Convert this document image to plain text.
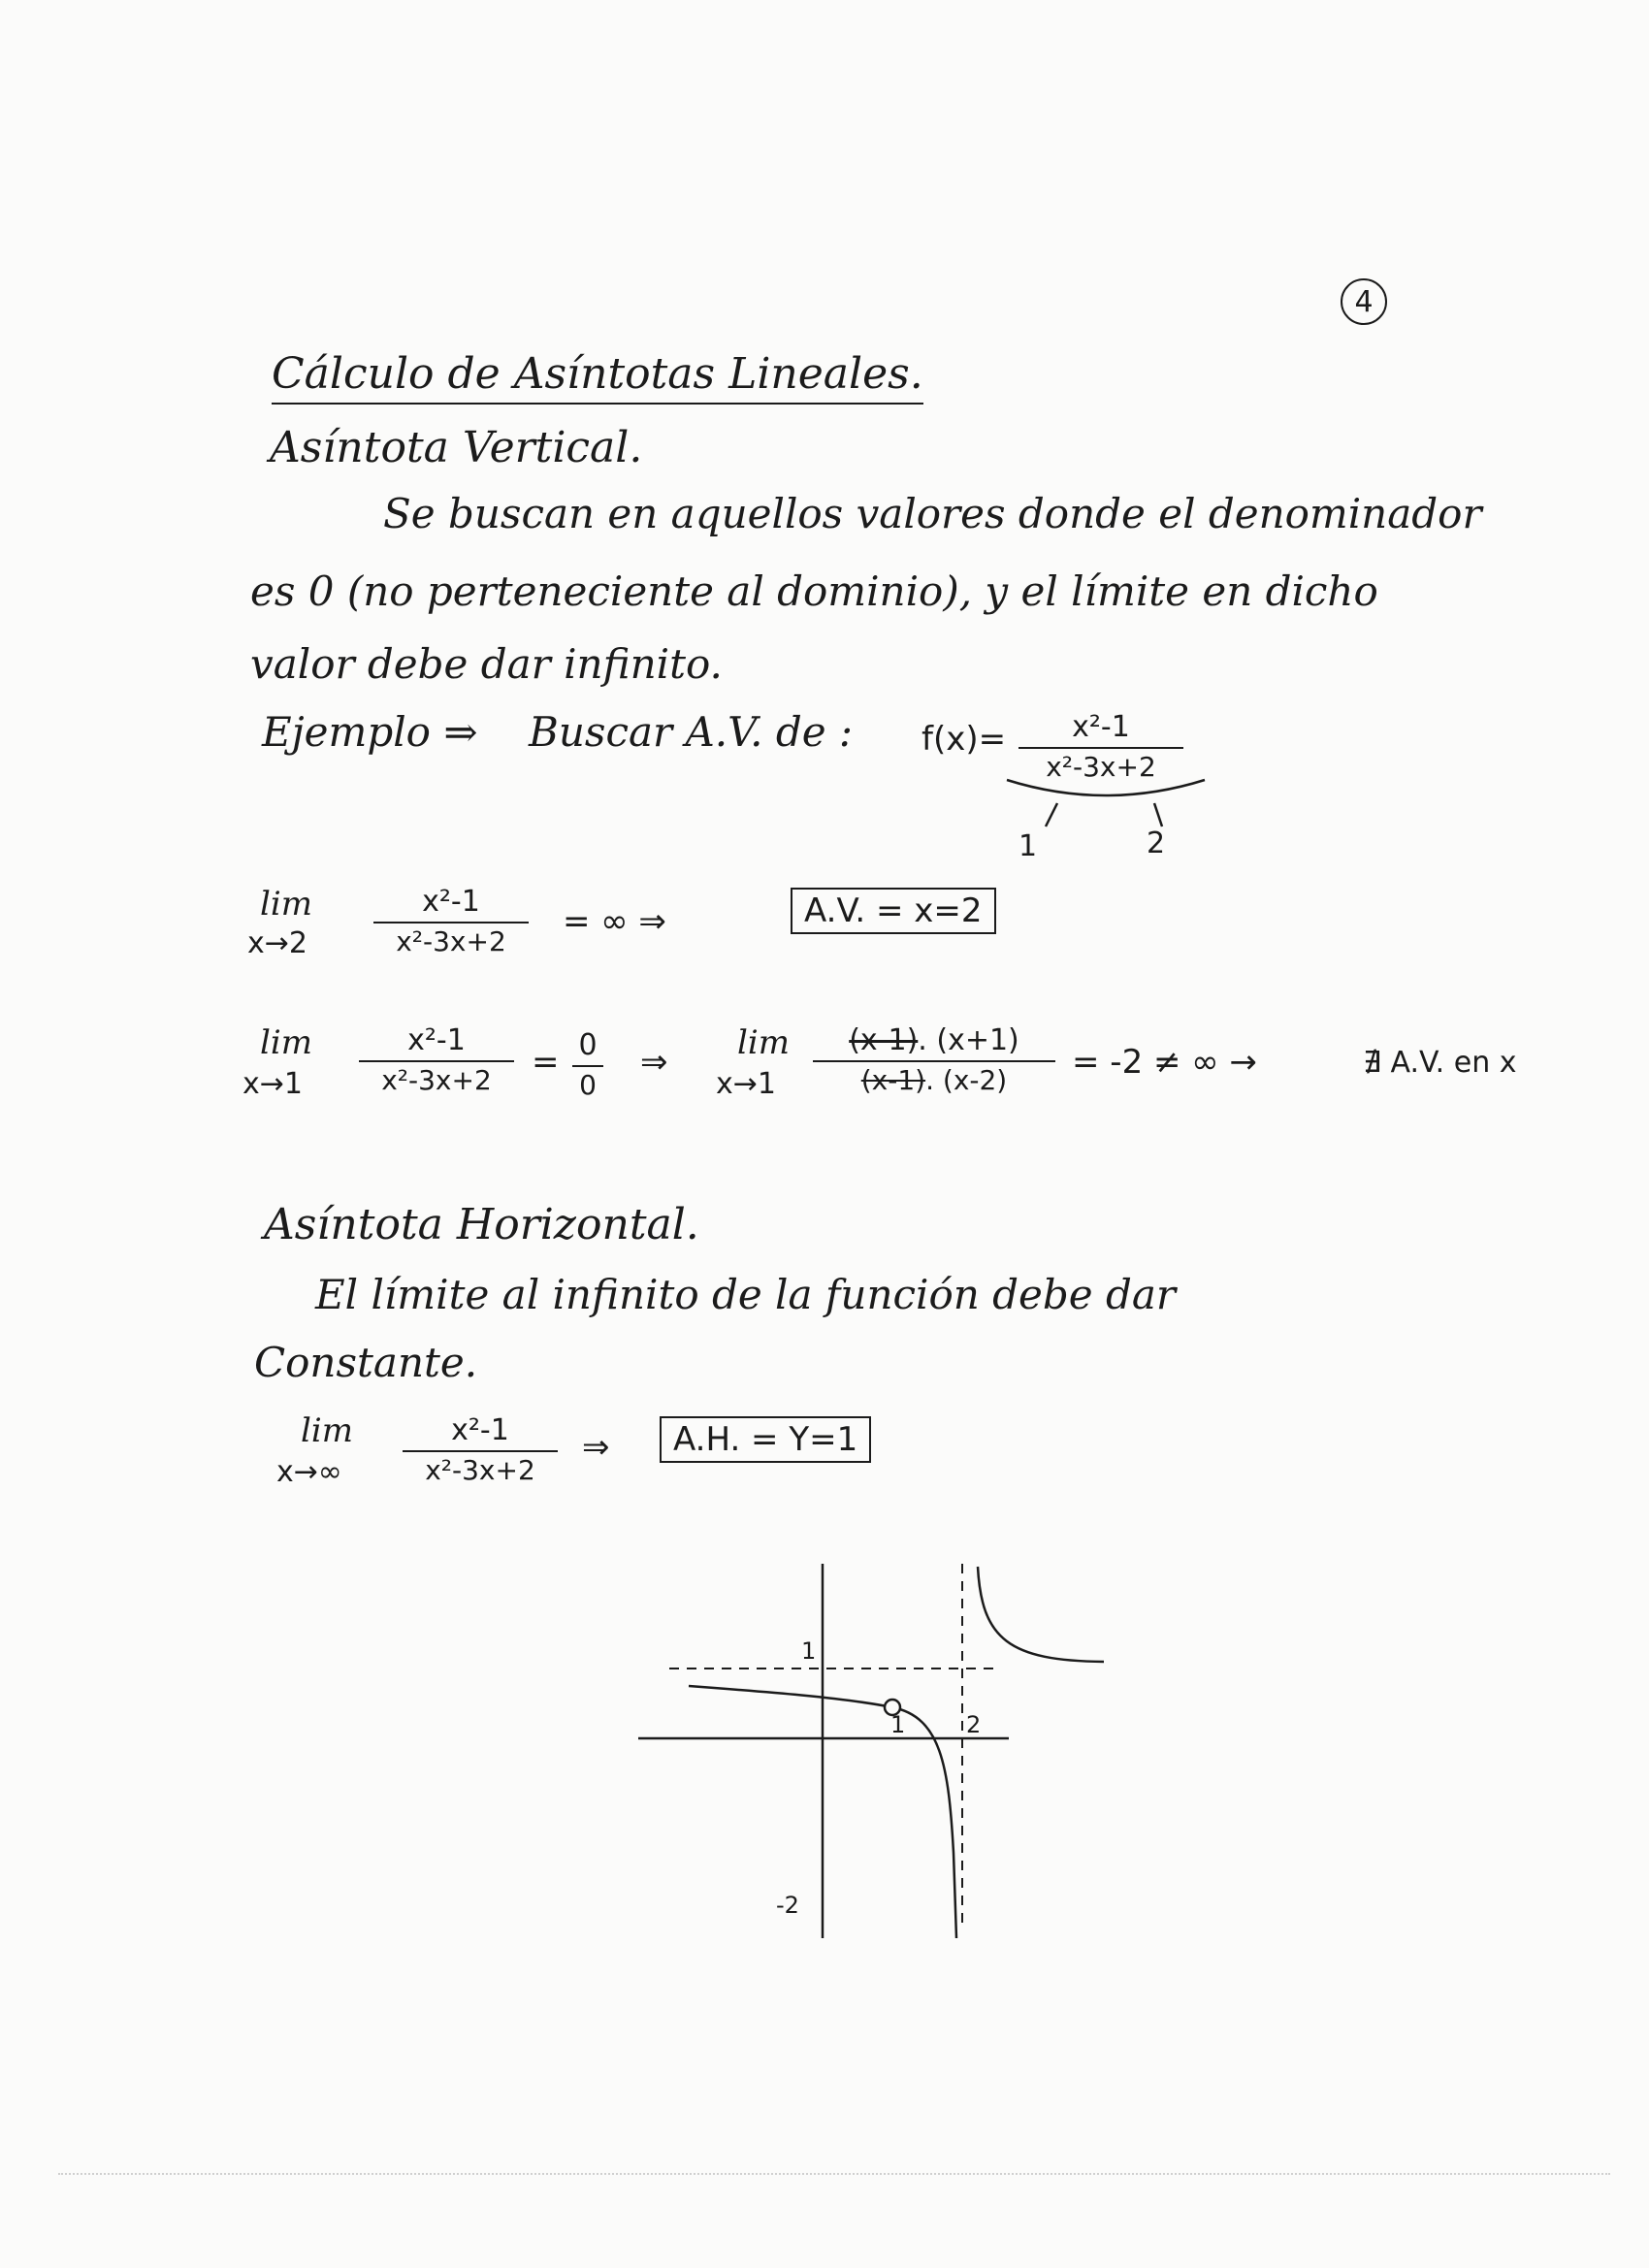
4
Cálculo de Asíntotas Lineales.
Asíntota Vertical.
Se buscan en aquellos valores donde el denominador
es 0 (no perteneciente al dominio), y el límite en dicho
valor debe dar infinito.
Ejemplo ⇒ Buscar A.V. de : f(x)=	x²-1
x²-3x+2
1	2
lim
x→2
x²-1
x²-3x+2
= ∞ ⇒	A.V. = x=2
lim
x→1
x²-1
x²-3x+2	= 0
0
⇒ lim
x→1
(x-1). (x+1)
(x-1). (x-2)	= -2 ≠ ∞ →	∄ A.V. en x
Asíntota Horizontal.
El límite al infinito de la función debe dar
Constante.
lim
x→∞
x²-1
x²-3x+2
⇒	A.H. = Y=1
1
1	2
-2
